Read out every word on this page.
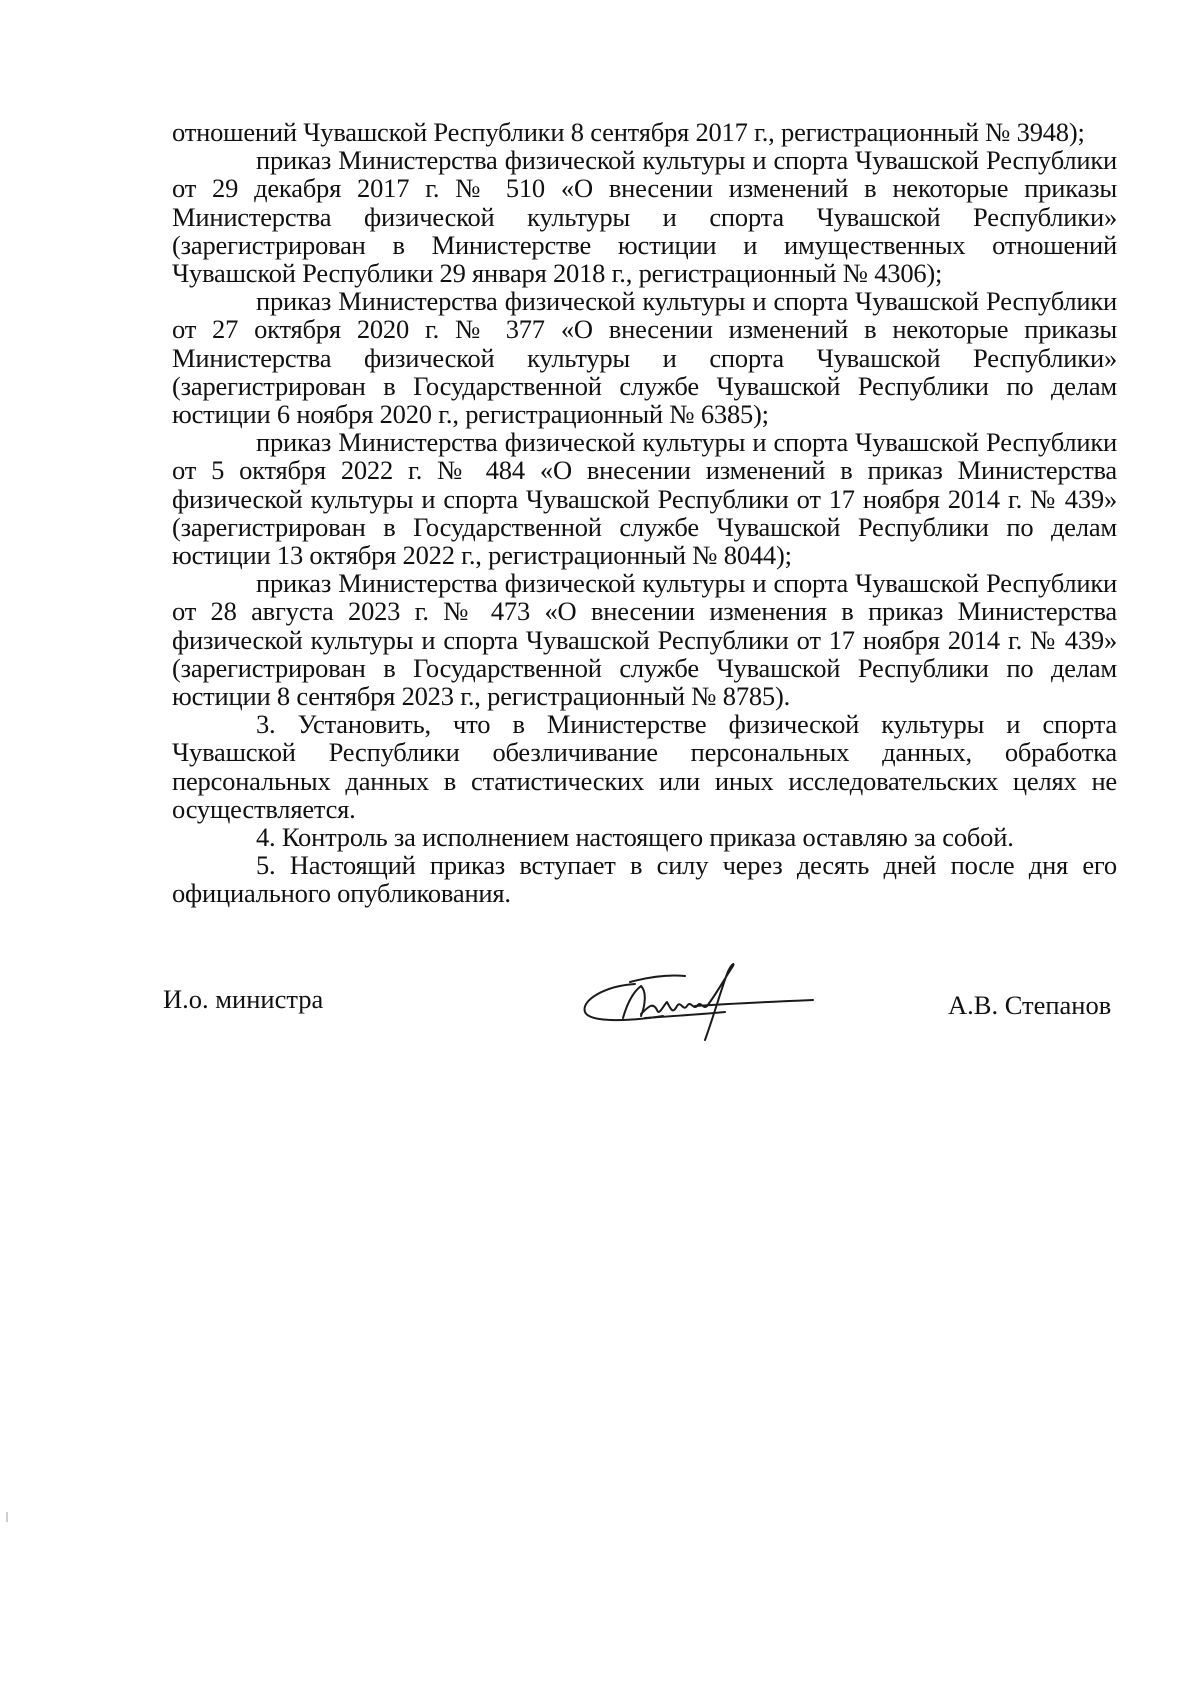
отношений Чувашской Республики 8 сентября 2017 г., регистрационный № 3948);

приказ Министерства физической культуры и спорта Чувашской Республики от 29 декабря 2017 г. № 510 «О внесении изменений в некоторые приказы Министерства физической культуры и спорта Чувашской Республики» (зарегистрирован в Министерстве юстиции и имущественных отношений Чувашской Республики 29 января 2018 г., регистрационный № 4306);

приказ Министерства физической культуры и спорта Чувашской Республики от 27 октября 2020 г. № 377 «О внесении изменений в некоторые приказы Министерства физической культуры и спорта Чувашской Республики» (зарегистрирован в Государственной службе Чувашской Республики по делам юстиции 6 ноября 2020 г., регистрационный № 6385);

приказ Министерства физической культуры и спорта Чувашской Республики от 5 октября 2022 г. № 484 «О внесении изменений в приказ Министерства физической культуры и спорта Чувашской Республики от 17 ноября 2014 г. № 439» (зарегистрирован в Государственной службе Чувашской Республики по делам юстиции 13 октября 2022 г., регистрационный № 8044);

приказ Министерства физической культуры и спорта Чувашской Республики от 28 августа 2023 г. № 473 «О внесении изменения в приказ Министерства физической культуры и спорта Чувашской Республики от 17 ноября 2014 г. № 439» (зарегистрирован в Государственной службе Чувашской Республики по делам юстиции 8 сентября 2023 г., регистрационный № 8785).

3. Установить, что в Министерстве физической культуры и спорта Чувашской Республики обезличивание персональных данных, обработка персональных данных в статистических или иных исследовательских целях не осуществляется.

4. Контроль за исполнением настоящего приказа оставляю за собой.

5. Настоящий приказ вступает в силу через десять дней после дня его официального опубликования.

И.о. министра	А.В. Степанов
